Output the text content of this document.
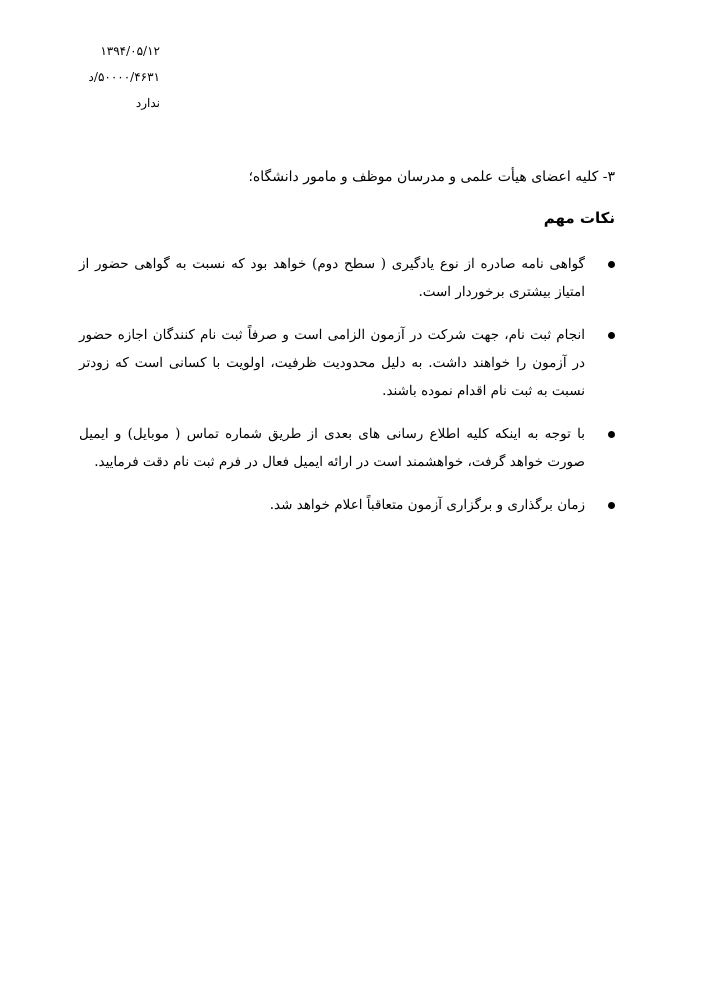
۱۳۹۴/۰۵/۱۲
۵۰۰۰۰/۴۶۳۱/د
ندارد
۳- کلیه اعضای هیأت علمی و مدرسان موظف و مامور دانشگاه؛
نکات مهم
گواهی نامه صادره از نوع یادگیری ( سطح دوم) خواهد بود که نسبت به گواهی حضور از امتیاز بیشتری برخوردار است.
انجام ثبت نام، جهت شرکت در آزمون الزامی است و صرفاً ثبت نام کنندگان اجازه حضور در آزمون را خواهند داشت. به دلیل محدودیت ظرفیت، اولویت با کسانی است که زودتر نسبت به ثبت نام اقدام نموده باشند.
با توجه به اینکه کلیه اطلاع رسانی های بعدی از طریق شماره تماس ( موبایل) و ایمیل صورت خواهد گرفت، خواهشمند است در ارائه ایمیل فعال در فرم ثبت نام دقت فرمایید.
زمان برگذاری و برگزاری آزمون متعاقباً اعلام خواهد شد.
